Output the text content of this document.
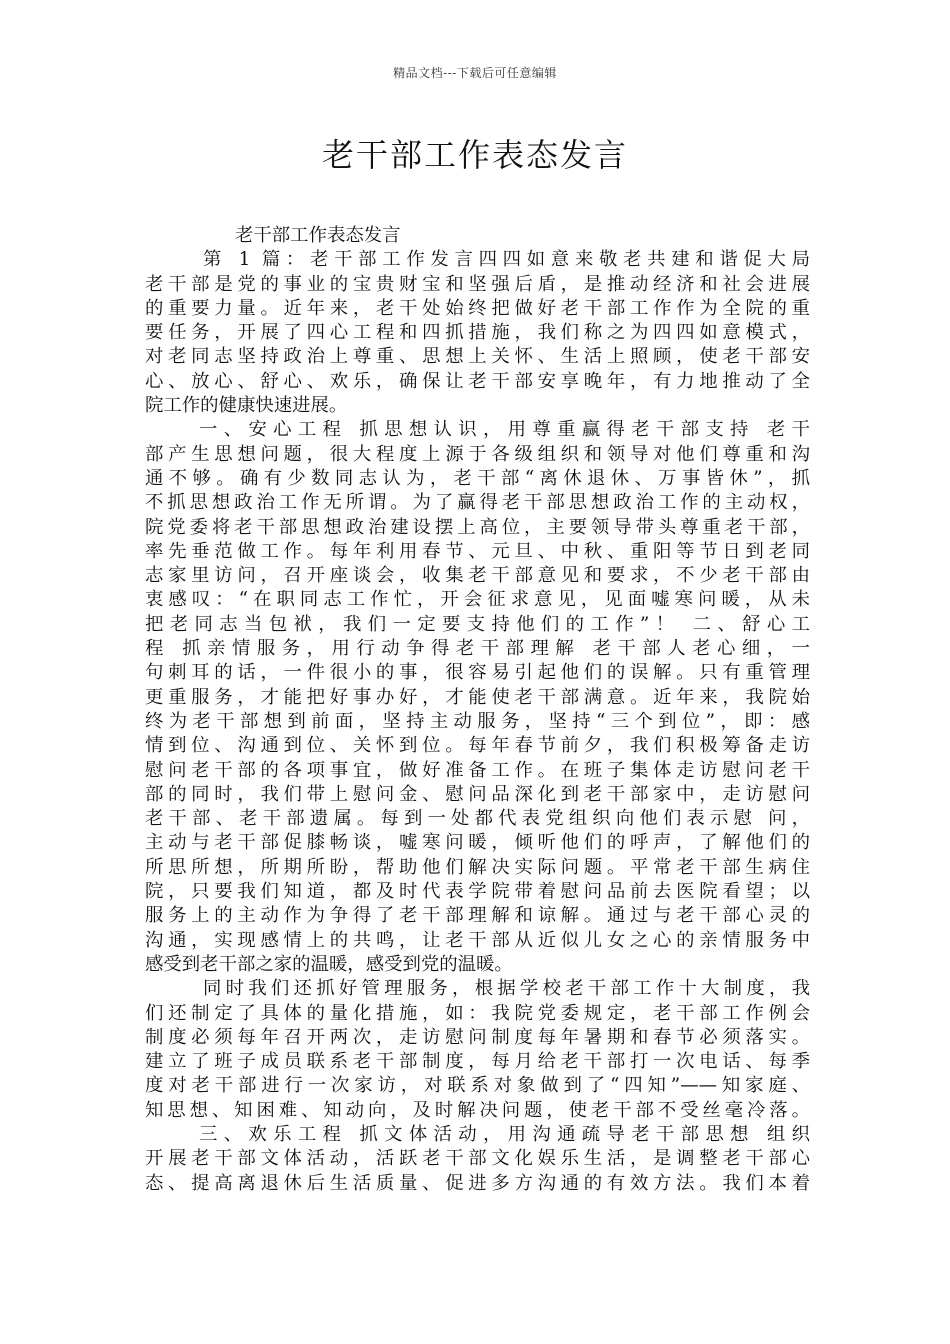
精品文档---下载后可任意编辑
老干部工作表态发言
老干部工作表态发言
第 1 篇：老干部工作发言四四如意来敬老共建和谐促大局
老干部是党的事业的宝贵财宝和坚强后盾，是推动经济和社会进展
的重要力量。近年来，老干处始终把做好老干部工作作为全院的重
要任务，开展了四心工程和四抓措施，我们称之为四四如意模式，
对老同志坚持政治上尊重、思想上关怀、生活上照顾，使老干部安
心、放心、舒心、欢乐，确保让老干部安享晚年，有力地推动了全
院工作的健康快速进展。
一、安心工程 抓思想认识，用尊重赢得老干部支持 老干
部产生思想问题，很大程度上源于各级组织和领导对他们尊重和沟
通不够。确有少数同志认为，老干部“离休退休、万事皆休”，抓
不抓思想政治工作无所谓。为了赢得老干部思想政治工作的主动权，
院党委将老干部思想政治建设摆上高位，主要领导带头尊重老干部，
率先垂范做工作。每年利用春节、元旦、中秋、重阳等节日到老同
志家里访问，召开座谈会，收集老干部意见和要求，不少老干部由
衷感叹：“在职同志工作忙，开会征求意见，见面嘘寒问暖，从未
把老同志当包袱，我们一定要支持他们的工作”！ 二、舒心工
程 抓亲情服务，用行动争得老干部理解 老干部人老心细，一
句刺耳的话，一件很小的事，很容易引起他们的误解。只有重管理
更重服务，才能把好事办好，才能使老干部满意。近年来，我院始
终为老干部想到前面，坚持主动服务，坚持“三个到位”，即：感
情到位、沟通到位、关怀到位。每年春节前夕，我们积极筹备走访
慰问老干部的各项事宜，做好准备工作。在班子集体走访慰问老干
部的同时，我们带上慰问金、慰问品深化到老干部家中，走访慰问
老干部、老干部遗属。每到一处都代表党组织向他们表示慰 问，
主动与老干部促膝畅谈，嘘寒问暖，倾听他们的呼声，了解他们的
所思所想，所期所盼，帮助他们解决实际问题。平常老干部生病住
院，只要我们知道，都及时代表学院带着慰问品前去医院看望；以
服务上的主动作为争得了老干部理解和谅解。通过与老干部心灵的
沟通，实现感情上的共鸣，让老干部从近似儿女之心的亲情服务中
感受到老干部之家的温暖，感受到党的温暖。
同时我们还抓好管理服务，根据学校老干部工作十大制度，我
们还制定了具体的量化措施，如：我院党委规定，老干部工作例会
制度必须每年召开两次，走访慰问制度每年暑期和春节必须落实。
建立了班子成员联系老干部制度，每月给老干部打一次电话、每季
度对老干部进行一次家访，对联系对象做到了“四知”——知家庭、
知思想、知困难、知动向，及时解决问题，使老干部不受丝毫冷落。
三、欢乐工程 抓文体活动，用沟通疏导老干部思想 组织
开展老干部文体活动，活跃老干部文化娱乐生活，是调整老干部心
态、提高离退休后生活质量、促进多方沟通的有效方法。我们本着
